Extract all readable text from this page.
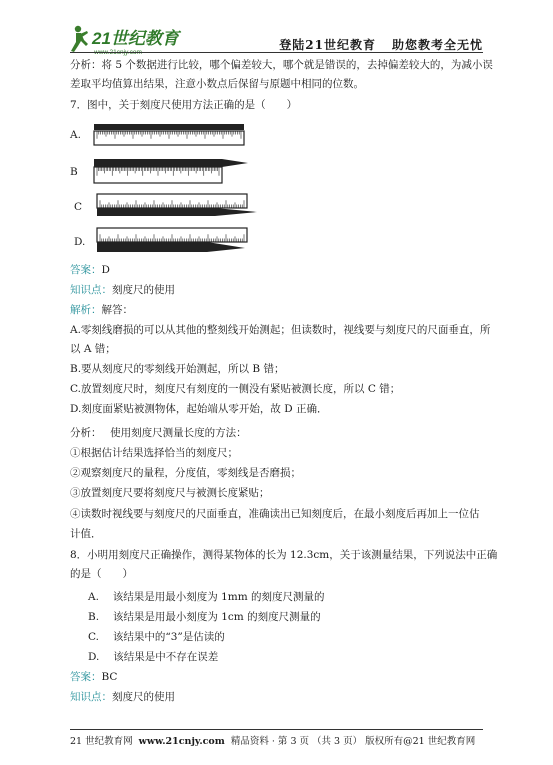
21世纪教育
www.21cnjy.com
登陆21世纪教育 助您教考全无忧
分析：将 5 个数据进行比较，哪个偏差较大，哪个就是错误的，去掉偏差较大的，为减小误
差取平均值算出结果，注意小数点后保留与原题中相同的位数。
7．图中，关于刻度尺使用方法正确的是（　　）
A.
B
C
D.
答案：D
知识点：刻度尺的使用
解析：解答：
A.零刻线磨损的可以从其他的整刻线开始测起；但读数时，视线要与刻度尺的尺面垂直，所
以 A 错；
B.要从刻度尺的零刻线开始测起，所以 B 错；
C.放置刻度尺时，刻度尺有刻度的一侧没有紧贴被测长度，所以 C 错；
D.刻度面紧贴被测物体，起始端从零开始，故 D 正确．
分析：　 使用刻度尺测量长度的方法：
①根据估计结果选择恰当的刻度尺；
②观察刻度尺的量程，分度值，零刻线是否磨损；
③放置刻度尺要将刻度尺与被测长度紧贴；
④读数时视线要与刻度尺的尺面垂直，准确读出已知刻度后，在最小刻度后再加上一位估
计值．
8．小明用刻度尺正确操作，测得某物体的长为 12.3cm，关于该测量结果，下列说法中正确
的是（　　）
A.　 该结果是用最小刻度为 1mm 的刻度尺测量的
B.　 该结果是用最小刻度为 1cm 的刻度尺测量的
C.　 该结果中的“3”是估读的
D.　 该结果是中不存在误差
答案：BC
知识点：刻度尺的使用
21 世纪教育网 www.21cnjy.com 精品资料 · 第 3 页 （共 3 页） 版权所有@21 世纪教育网
